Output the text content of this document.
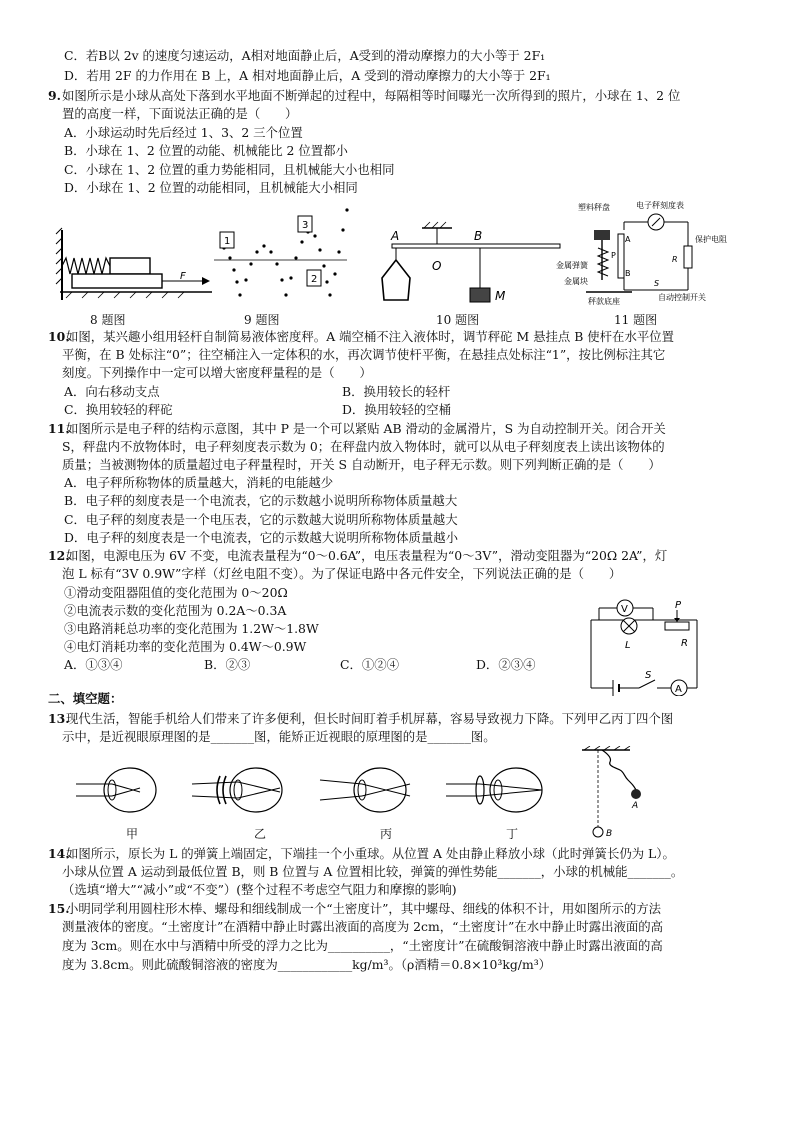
C．若B以 2v 的速度匀速运动，A相对地面静止后，A受到的滑动摩擦力的大小等于 2F₁
D．若用 2F 的力作用在 B 上，A 相对地面静止后，A 受到的滑动摩擦力的大小等于 2F₁
9. 如图所示是小球从高处下落到水平地面不断弹起的过程中，每隔相等时间曝光一次所得到的照片，小球在 1、2 位
置的高度一样，下面说法正确的是（　　）
A．小球运动时先后经过 1、3、2 三个位置
B．小球在 1、2 位置的动能、机械能比 2 位置都小
C．小球在 1、2 位置的重力势能相同，且机械能大小也相同
D．小球在 1、2 位置的动能相同，且机械能大小相同
F
1
3
2
A	B
O
M
塑料秤盘	电子秤刻度表
A
B
P	R
保护电阻
S
金属弹簧
金属块
秤款底座	自动控制开关
8 题图	9 题图	10 题图	11 题图
10.
如图，某兴趣小组用轻杆自制简易液体密度秤。A 端空桶不注入液体时，调节秤砣 M 悬挂点 B 使杆在水平位置
平衡，在 B 处标注“0”；往空桶注入一定体积的水，再次调节使杆平衡，在悬挂点处标注“1”，按比例标注其它
刻度。下列操作中一定可以增大密度秤量程的是（　　）
A．向右移动支点	B．换用较长的轻杆
C．换用较轻的秤砣	D．换用较轻的空桶
11.
如图所示是电子秤的结构示意图，其中 P 是一个可以紧贴 AB 滑动的金属滑片，S 为自动控制开关。闭合开关
S，秤盘内不放物体时，电子秤刻度表示数为 0；在秤盘内放入物体时，就可以从电子秤刻度表上读出该物体的
质量；当被测物体的质量超过电子秤量程时，开关 S 自动断开，电子秤无示数。则下列判断正确的是（　　）
A．电子秤所称物体的质量越大，消耗的电能越少
B．电子秤的刻度表是一个电流表，它的示数越小说明所称物体质量越大
C．电子秤的刻度表是一个电压表，它的示数越大说明所称物体质量越大
D．电子秤的刻度表是一个电流表，它的示数越大说明所称物体质量越小
12.
如图，电源电压为 6V 不变，电流表量程为“0～0.6A”，电压表量程为“0～3V”，滑动变阻器为“20Ω 2A”，灯
泡 L 标有“3V 0.9W”字样（灯丝电阻不变）。为了保证电路中各元件安全，下列说法正确的是（　　）
①滑动变阻器阻值的变化范围为 0～20Ω
②电流表示数的变化范围为 0.2A～0.3A
③电路消耗总功率的变化范围为 1.2W～1.8W
④电灯消耗功率的变化范围为 0.4W～0.9W
A．①③④	B．②③	C．①②④	D．②③④
V
L
P
R
S
A
二、填空题：
13.
现代生活，智能手机给人们带来了许多便利，但长时间盯着手机屏幕，容易导致视力下降。下列甲乙丙丁四个图
示中，是近视眼原理图的是_______图，能矫正近视眼的原理图的是_______图。
甲	乙	丙	丁
A
B
14.
如图所示，原长为 L 的弹簧上端固定，下端挂一个小重球。从位置 A 处由静止释放小球（此时弹簧长仍为 L）。
小球从位置 A 运动到最低位置 B，则 B 位置与 A 位置相比较，弹簧的弹性势能_______，小球的机械能_______。
（选填“增大”“减小”或“不变”）(整个过程不考虑空气阻力和摩擦的影响)
15.
小明同学利用圆柱形木棒、螺母和细线制成一个“土密度计”，其中螺母、细线的体积不计，用如图所示的方法
测量液体的密度。“土密度计”在酒精中静止时露出液面的高度为 2cm，“土密度计”在水中静止时露出液面的高
度为 3cm。则在水中与酒精中所受的浮力之比为__________，“土密度计”在硫酸铜溶液中静止时露出液面的高
度为 3.8cm。则此硫酸铜溶液的密度为____________kg/m³。（ρ酒精＝0.8×10³kg/m³）
